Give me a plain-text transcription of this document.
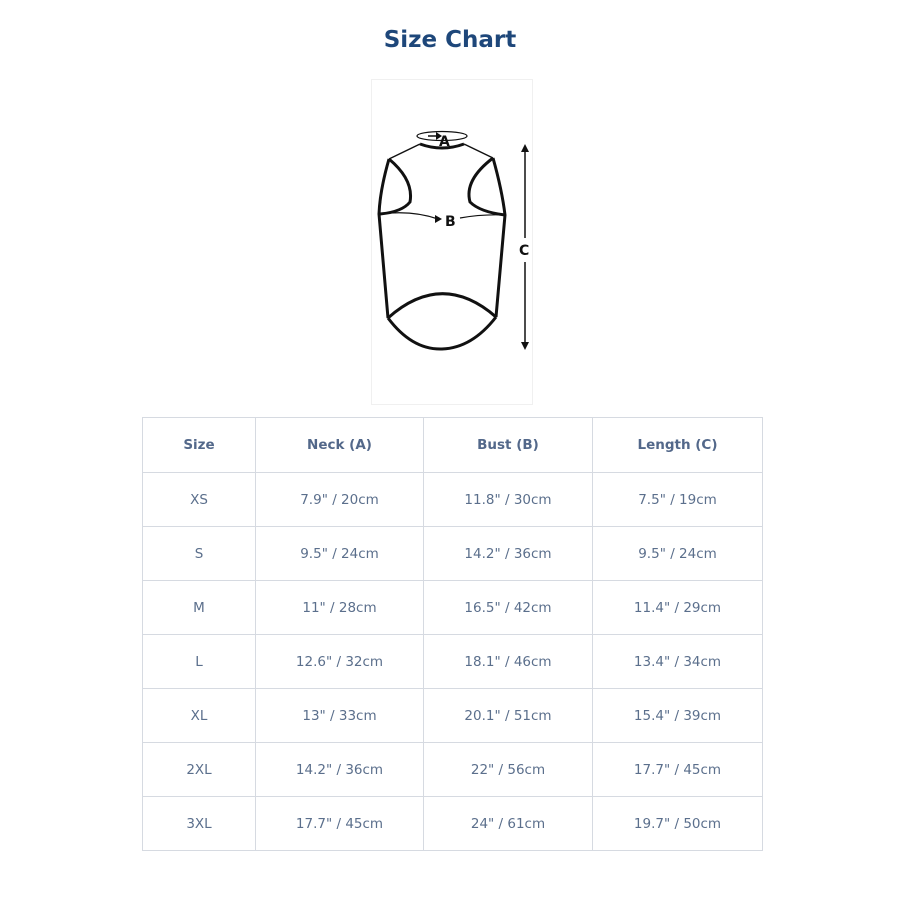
Size Chart
A
B
C
Size	Neck (A)	Bust (B)	Length (C)
XS	7.9" / 20cm	11.8" / 30cm	7.5" / 19cm
S	9.5" / 24cm	14.2" / 36cm	9.5" / 24cm
M	11" / 28cm	16.5" / 42cm	11.4" / 29cm
L	12.6" / 32cm	18.1" / 46cm	13.4" / 34cm
XL	13" / 33cm	20.1" / 51cm	15.4" / 39cm
2XL	14.2" / 36cm	22" / 56cm	17.7" / 45cm
3XL	17.7" / 45cm	24" / 61cm	19.7" / 50cm
